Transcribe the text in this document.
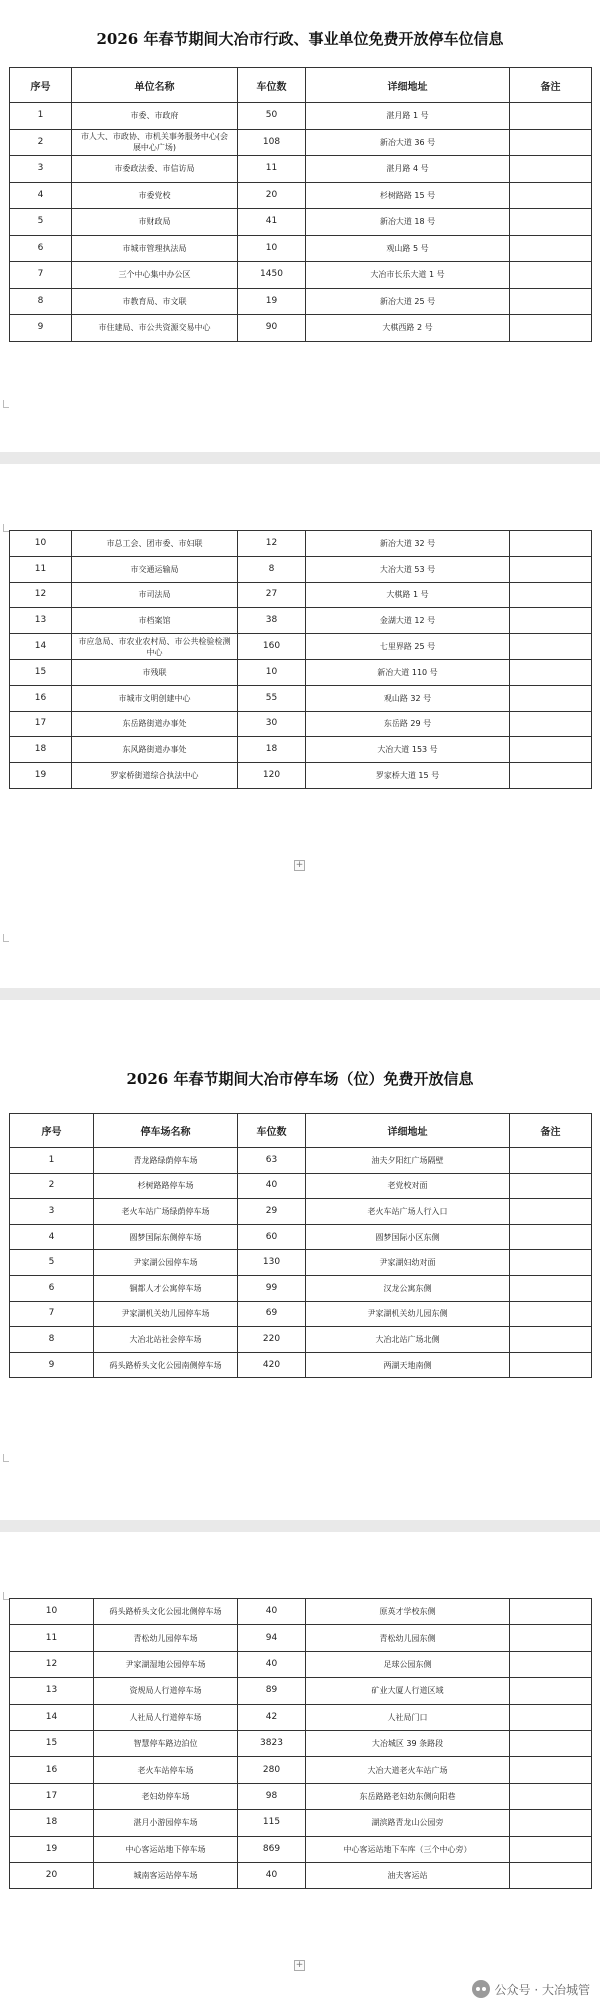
2026 年春节期间大冶市行政、事业单位免费开放停车位信息
序号	单位名称	车位数	详细地址	备注
1	市委、市政府	50	湛月路 1 号	
2	市人大、市政协、市机关事务服务中心(会展中心广场)	108	新冶大道 36 号	
3	市委政法委、市信访局	11	湛月路 4 号	
4	市委党校	20	杉树路路 15 号	
5	市财政局	41	新冶大道 18 号	
6	市城市管理执法局	10	观山路 5 号	
7	三个中心集中办公区	1450	大冶市长乐大道 1 号	
8	市教育局、市文联	19	新冶大道 25 号	
9	市住建局、市公共资源交易中心	90	大棋西路 2 号	
10	市总工会、团市委、市妇联	12	新冶大道 32 号	
11	市交通运输局	8	大冶大道 53 号	
12	市司法局	27	大棋路 1 号	
13	市档案馆	38	金湖大道 12 号	
14	市应急局、市农业农村局、市公共检验检测中心	160	七里界路 25 号	
15	市残联	10	新冶大道 110 号	
16	市城市文明创建中心	55	观山路 32 号	
17	东岳路街道办事处	30	东岳路 29 号	
18	东风路街道办事处	18	大冶大道 153 号	
19	罗家桥街道综合执法中心	120	罗家桥大道 15 号	
+
2026 年春节期间大冶市停车场（位）免费开放信息
序号	停车场名称	车位数	详细地址	备注
1	青龙路绿荫停车场	63	油夫夕阳红广场隔壁	
2	杉树路路停车场	40	老党校对面	
3	老火车站广场绿荫停车场	29	老火车站广场人行入口	
4	圆梦国际东侧停车场	60	圆梦国际小区东侧	
5	尹家湖公园停车场	130	尹家湖妇幼对面	
6	铜都人才公寓停车场	99	汉龙公寓东侧	
7	尹家湖机关幼儿园停车场	69	尹家湖机关幼儿园东侧	
8	大冶北站社会停车场	220	大冶北站广场北侧	
9	码头路桥头文化公园南侧停车场	420	两湖天地南侧	
10	码头路桥头文化公园北侧停车场	40	原英才学校东侧	
11	青松幼儿园停车场	94	青松幼儿园东侧	
12	尹家湖湿地公园停车场	40	足球公园东侧	
13	资规局人行道停车场	89	矿业大厦人行道区域	
14	人社局人行道停车场	42	人社局门口	
15	智慧停车路边泊位	3823	大冶城区 39 条路段	
16	老火车站停车场	280	大冶大道老火车站广场	
17	老妇幼停车场	98	东岳路路老妇幼东侧向阳巷	
18	湛月小游园停车场	115	湖滨路青龙山公园旁	
19	中心客运站地下停车场	869	中心客运站地下车库（三个中心旁）	
20	城南客运站停车场	40	油夫客运站	
+
公众号 · 大冶城管
